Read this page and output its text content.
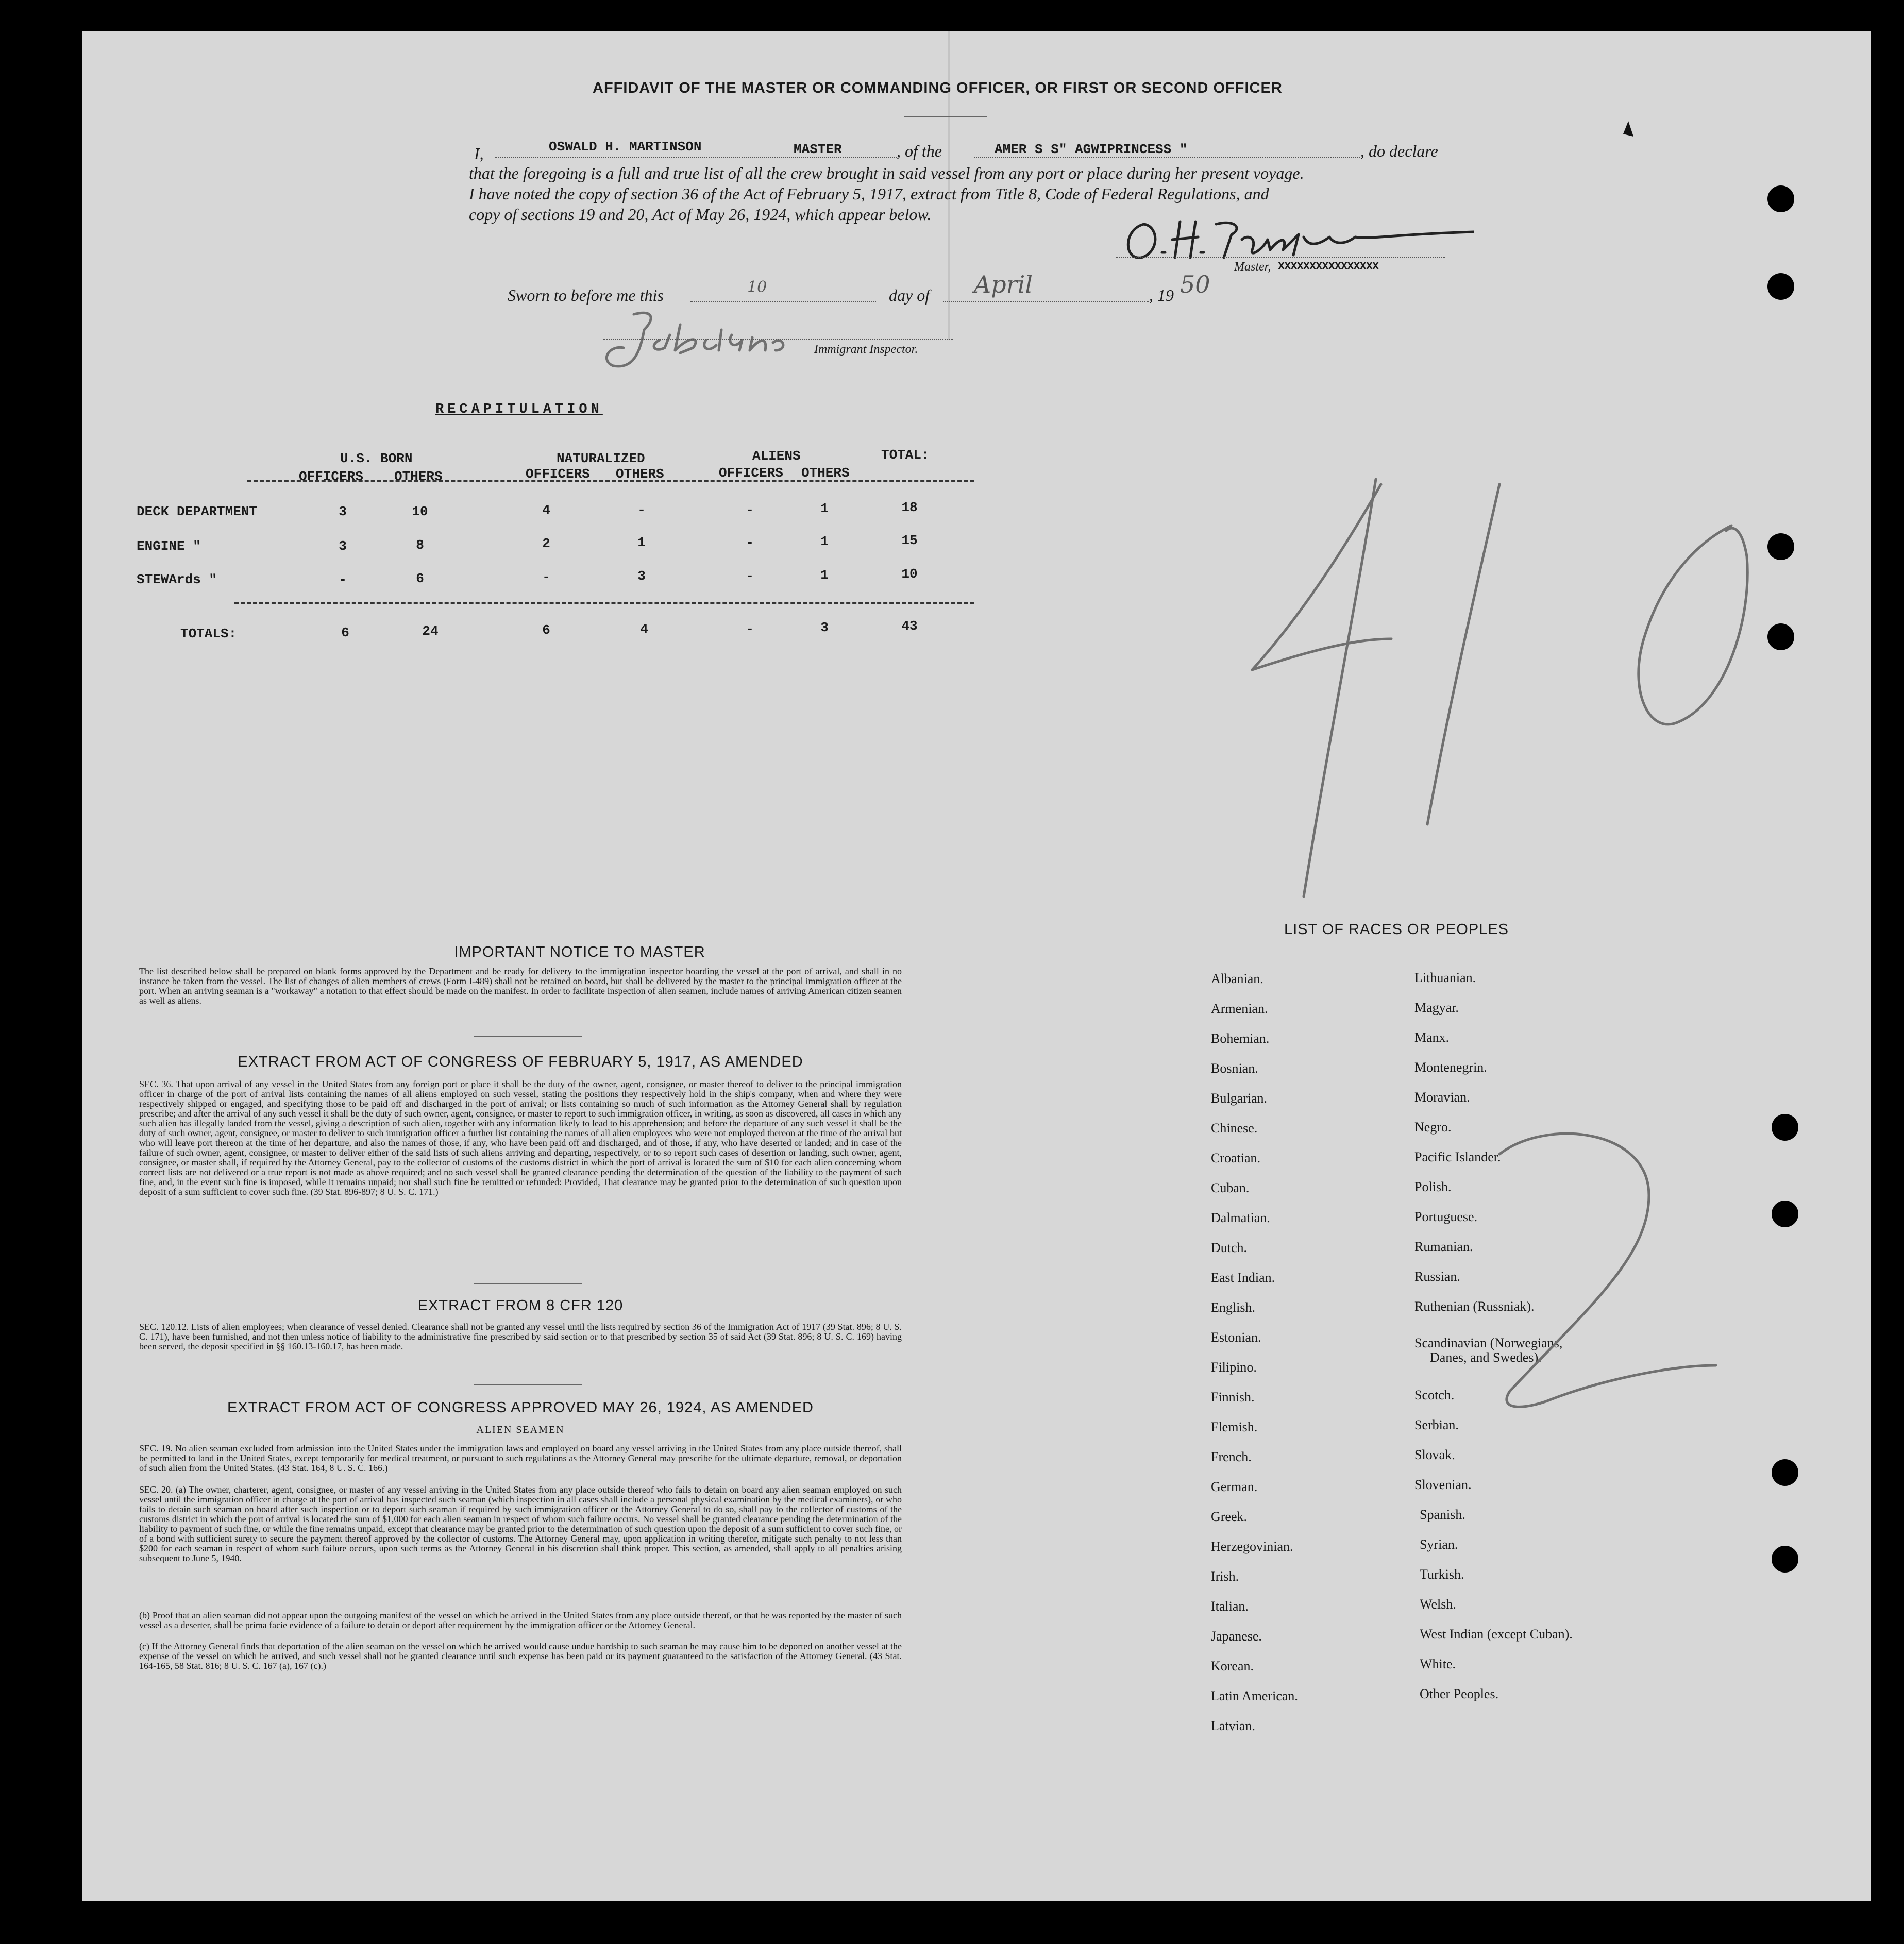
AFFIDAVIT OF THE MASTER OR COMMANDING OFFICER, OR FIRST OR SECOND OFFICER
I,	OSWALD H. MARTINSON	MASTER	, of the	AMER S S" AGWIPRINCESS "	, do declare
that the foregoing is a full and true list of all the crew brought in said vessel from any port or place during her present voyage.
I have noted the copy of section 36 of the Act of February 5, 1917, extract from Title 8, Code of Federal Regulations, and
copy of sections 19 and 20, Act of May 26, 1924, which appear below.
Master, XXXXXXXXXXXXXXXX
Sworn to before me this	10	day of April	, 19 50
Immigrant Inspector.
RECAPITULATION
U.S. BORN	NATURALIZED	ALIENS	TOTAL:
OFFICERS OTHERS	OFFICERS OTHERS	OFFICERS OTHERS
DECK DEPARTMENT	3	10	4	-	-	1	18
ENGINE "	3	8	2	1	-	1	15
STEWArds "	-	6	-	3	-	1	10
TOTALS:	6	24	6	4	-	3	43
IMPORTANT NOTICE TO MASTER
The list described below shall be prepared on blank forms approved by the Department and be ready for delivery to the immigration inspector boarding the vessel at the port of arrival, and shall in no instance be taken from the vessel. The list of changes of alien members of crews (Form I-489) shall not be retained on board, but shall be delivered by the master to the principal immigration officer at the port. When an arriving seaman is a "workaway" a notation to that effect should be made on the manifest. In order to facilitate inspection of alien seamen, include names of arriving American citizen seamen as well as aliens.
EXTRACT FROM ACT OF CONGRESS OF FEBRUARY 5, 1917, AS AMENDED
SEC. 36. That upon arrival of any vessel in the United States from any foreign port or place it shall be the duty of the owner, agent, consignee, or master thereof to deliver to the principal immigration officer in charge of the port of arrival lists containing the names of all aliens employed on such vessel, stating the positions they respectively hold in the ship's company, when and where they were respectively shipped or engaged, and specifying those to be paid off and discharged in the port of arrival; or lists containing so much of such information as the Attorney General shall by regulation prescribe; and after the arrival of any such vessel it shall be the duty of such owner, agent, consignee, or master to report to such immigration officer, in writing, as soon as discovered, all cases in which any such alien has illegally landed from the vessel, giving a description of such alien, together with any information likely to lead to his apprehension; and before the departure of any such vessel it shall be the duty of such owner, agent, consignee, or master to deliver to such immigration officer a further list containing the names of all alien employees who were not employed thereon at the time of the arrival but who will leave port thereon at the time of her departure, and also the names of those, if any, who have been paid off and discharged, and of those, if any, who have deserted or landed; and in case of the failure of such owner, agent, consignee, or master to deliver either of the said lists of such aliens arriving and departing, respectively, or to so report such cases of desertion or landing, such owner, agent, consignee, or master shall, if required by the Attorney General, pay to the collector of customs of the customs district in which the port of arrival is located the sum of $10 for each alien concerning whom correct lists are not delivered or a true report is not made as above required; and no such vessel shall be granted clearance pending the determination of the question of the liability to the payment of such fine, and, in the event such fine is imposed, while it remains unpaid; nor shall such fine be remitted or refunded: Provided, That clearance may be granted prior to the determination of such question upon deposit of a sum sufficient to cover such fine. (39 Stat. 896-897; 8 U. S. C. 171.)
EXTRACT FROM 8 CFR 120
SEC. 120.12. Lists of alien employees; when clearance of vessel denied. Clearance shall not be granted any vessel until the lists required by section 36 of the Immigration Act of 1917 (39 Stat. 896; 8 U. S. C. 171), have been furnished, and not then unless notice of liability to the administrative fine prescribed by said section or to that prescribed by section 35 of said Act (39 Stat. 896; 8 U. S. C. 169) having been served, the deposit specified in §§ 160.13-160.17, has been made.
EXTRACT FROM ACT OF CONGRESS APPROVED MAY 26, 1924, AS AMENDED
ALIEN SEAMEN
SEC. 19. No alien seaman excluded from admission into the United States under the immigration laws and employed on board any vessel arriving in the United States from any place outside thereof, shall be permitted to land in the United States, except temporarily for medical treatment, or pursuant to such regulations as the Attorney General may prescribe for the ultimate departure, removal, or deportation of such alien from the United States. (43 Stat. 164, 8 U. S. C. 166.)
SEC. 20. (a) The owner, charterer, agent, consignee, or master of any vessel arriving in the United States from any place outside thereof who fails to detain on board any alien seaman employed on such vessel until the immigration officer in charge at the port of arrival has inspected such seaman (which inspection in all cases shall include a personal physical examination by the medical examiners), or who fails to detain such seaman on board after such inspection or to deport such seaman if required by such immigration officer or the Attorney General to do so, shall pay to the collector of customs of the customs district in which the port of arrival is located the sum of $1,000 for each alien seaman in respect of whom such failure occurs. No vessel shall be granted clearance pending the determination of the liability to payment of such fine, or while the fine remains unpaid, except that clearance may be granted prior to the determination of such question upon the deposit of a sum sufficient to cover such fine, or of a bond with sufficient surety to secure the payment thereof approved by the collector of customs. The Attorney General may, upon application in writing therefor, mitigate such penalty to not less than $200 for each seaman in respect of whom such failure occurs, upon such terms as the Attorney General in his discretion shall think proper. This section, as amended, shall apply to all penalties arising subsequent to June 5, 1940.
(b) Proof that an alien seaman did not appear upon the outgoing manifest of the vessel on which he arrived in the United States from any place outside thereof, or that he was reported by the master of such vessel as a deserter, shall be prima facie evidence of a failure to detain or deport after requirement by the immigration officer or the Attorney General.
(c) If the Attorney General finds that deportation of the alien seaman on the vessel on which he arrived would cause undue hardship to such seaman he may cause him to be deported on another vessel at the expense of the vessel on which he arrived, and such vessel shall not be granted clearance until such expense has been paid or its payment guaranteed to the satisfaction of the Attorney General. (43 Stat. 164-165, 58 Stat. 816; 8 U. S. C. 167 (a), 167 (c).)
LIST OF RACES OR PEOPLES
Albanian.
Armenian.
Bohemian.
Bosnian.
Bulgarian.
Chinese.
Croatian.
Cuban.
Dalmatian.
Dutch.
East Indian.
English.
Estonian.
Filipino.
Finnish.
Flemish.
French.
German.
Greek.
Herzegovinian.
Irish.
Italian.
Japanese.
Korean.
Latin American.
Latvian.
Lithuanian.
Magyar.
Manx.
Montenegrin.
Moravian.
Negro.
Pacific Islander.
Polish.
Portuguese.
Rumanian.
Russian.
Ruthenian (Russniak).
Scandinavian (Norwegians,
Danes, and Swedes).
Scotch.
Serbian.
Slovak.
Slovenian.
Spanish.
Syrian.
Turkish.
Welsh.
West Indian (except Cuban).
White.
Other Peoples.
